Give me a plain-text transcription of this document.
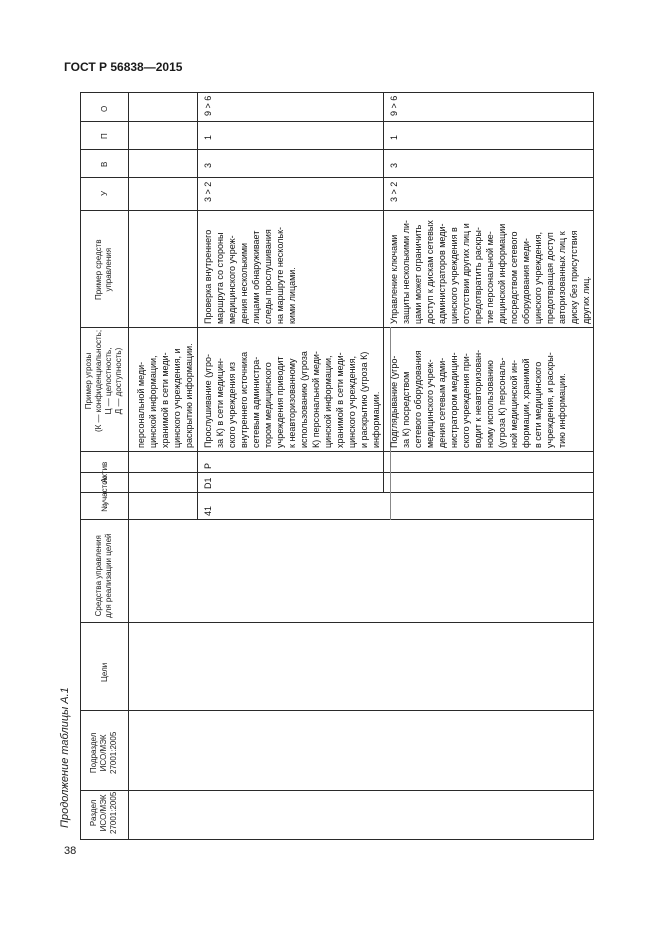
ГОСТ Р 56838—2015
Продолжение таблицы А.1
38
О
П
В
У
Пример средств управления
Пример угрозы (К — конфиденциальность; Ц — целостность, Д — доступность)
Актив
участок
№
Средства управления для реализации целей
Цели
Подраздел ИСО/МЭК 27001:2005
Раздел ИСО/МЭК 27001:2005
персональной меди- цинской информации, хранимой в сети меди- цинского учреждения, и раскрытию информации.
9 > 6
1
3
3 > 2
Проверка внутреннего маршрута со стороны медицинского учреж- дения несколькими лицами обнаруживает следы прослушивания на маршруте нескольк- кими лицами.
Прослушивание (угро- за К) в сети медицин- ского учреждения из внутреннего источника сетевым администра- тором медицинского учреждения приводит к неавторизованному использованию (угроза К) персональной меди- цинской информации, хранимой в сети меди- цинского учреждения, и раскрытию (угроза К) информации.
Р
D1
41
9 > 6
1
3
3 > 2
Управление ключами защиты несколькими ли- цами может ограничить доступ к дискам сетевых администраторов меди- цинского учреждения в отсутствии других лиц и предотвратить раскры- тие персональной ме- дицинской информации посредством сетевого оборудования меди- цинского учреждения, предотвращая доступ авторизованных лиц к диску без присутствия других лиц.
Подглядывание (угро- за К) посредством сетевого оборудования медицинского учреж- дения сетевым адми- нистратором медицин- ского учреждения при- водит к неавторизован- ному использованию (угроза К) персональ- ной медицинской ин- формации, хранимой в сети медицинского учреждения, и раскры- тию информации.
